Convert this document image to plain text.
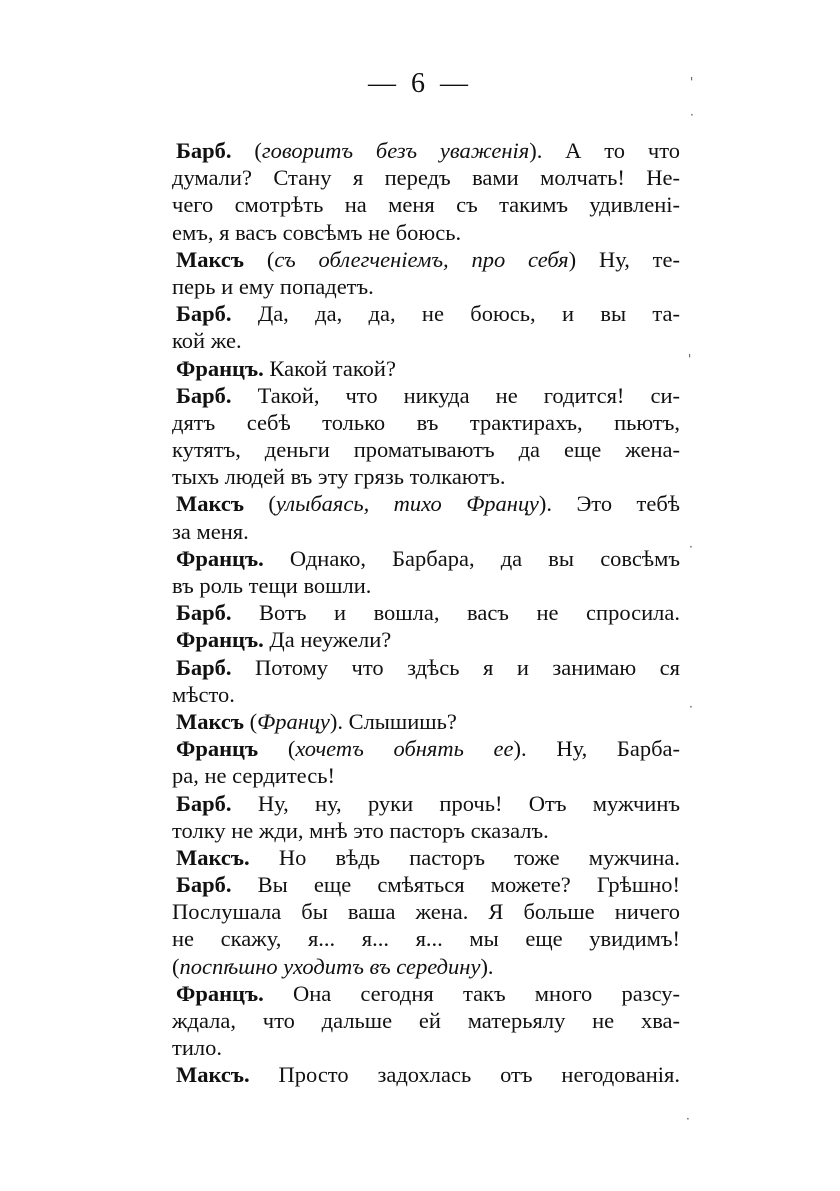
— 6 —
Барб. (говоритъ безъ уваженія). А то что
думали? Стану я передъ вами молчать! Не-
чего смотрѣть на меня съ такимъ удивлені-
емъ, я васъ совсѣмъ не боюсь.
Максъ (съ облегченіемъ, про себя) Ну, те-
перь и ему попадетъ.
Барб. Да, да, да, не боюсь, и вы та-
кой же.
Францъ. Какой такой?
Барб. Такой, что никуда не годится! си-
дятъ себѣ только въ трактирахъ, пьютъ,
кутятъ, деньги проматываютъ да еще жена-
тыхъ людей въ эту грязь толкаютъ.
Максъ (улыбаясь, тихо Францу). Это тебѣ
за меня.
Францъ. Однако, Барбара, да вы совсѣмъ
въ роль тещи вошли.
Барб. Вотъ и вошла, васъ не спросила.
Францъ. Да неужели?
Барб. Потому что здѣсь я и занимаю ся
мѣсто.
Максъ (Францу). Слышишь?
Францъ (хочетъ обнять ее). Ну, Барба-
ра, не сердитесь!
Барб. Ну, ну, руки прочь! Отъ мужчинъ
толку не жди, мнѣ это пасторъ сказалъ.
Максъ. Но вѣдь пасторъ тоже мужчина.
Барб. Вы еще смѣяться можете? Грѣшно!
Послушала бы ваша жена. Я больше ничего
не скажу, я... я... я... мы еще увидимъ!
(поспѣшно уходитъ въ середину).
Францъ. Она сегодня такъ много разсу-
ждала, что дальше ей матерьялу не хва-
тило.
Максъ. Просто задохлась отъ негодованія.
'
·
'
·
·
·
